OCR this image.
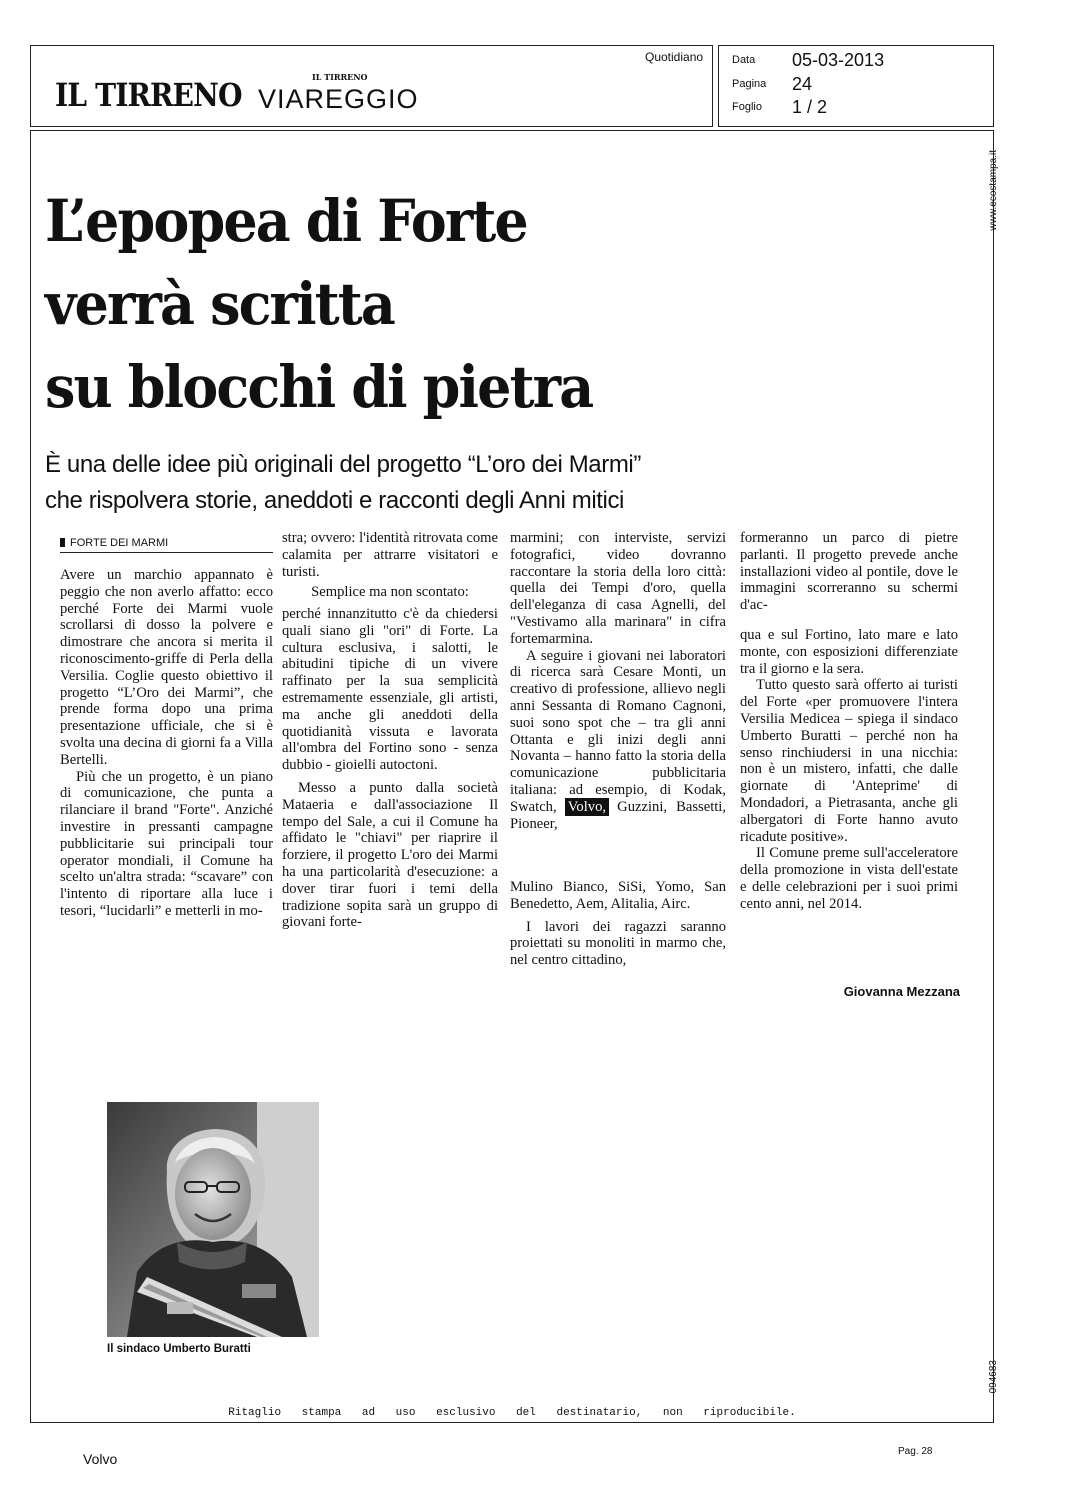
IL TIRRENO	IL TIRRENO
VIAREGGIO
Quotidiano	Data 05-03-2013
Pagina 24
Foglio 1 / 2
www.ecostampa.it
094683
L’epopea di Forte
verrà scritta
su blocchi di pietra
È una delle idee più originali del progetto “L’oro dei Marmi”
che rispolvera storie, aneddoti e racconti degli Anni mitici
FORTE DEI MARMI

Avere un marchio appannato è peggio che non averlo affatto: ecco perché Forte dei Marmi vuole scrollarsi di dosso la polvere e dimostrare che ancora si merita il riconoscimento-griffe di Perla della Versilia. Coglie questo obiettivo il progetto “L’Oro dei Marmi”, che prende forma dopo una prima presentazione ufficiale, che si è svolta una decina di giorni fa a Villa Bertelli.

Più che un progetto, è un piano di comunicazione, che punta a rilanciare il brand "Forte". Anziché investire in pressanti campagne pubblicitarie sui principali tour operator mondiali, il Comune ha scelto un'altra strada: “scavare” con l'intento di riportare alla luce i tesori, “lucidarli” e metterli in mo-

stra; ovvero: l'identità ritrovata come calamita per attrarre visitatori e turisti.

Semplice ma non scontato:

perché innanzitutto c'è da chiedersi quali siano gli "ori" di Forte. La cultura esclusiva, i salotti, le abitudini tipiche di un vivere raffinato per la sua semplicità estremamente essenziale, gli artisti, ma anche gli aneddoti della quotidianità vissuta e lavorata all'ombra del Fortino sono - senza dubbio - gioielli autoctoni.

Messo a punto dalla società Mataeria e dall'associazione Il tempo del Sale, a cui il Comune ha affidato le "chiavi" per riaprire il forziere, il progetto L'oro dei Marmi ha una particolarità d'esecuzione: a dover tirar fuori i temi della tradizione sopita sarà un gruppo di giovani forte-

marmini; con interviste, servizi fotografici, video dovranno raccontare la storia della loro città: quella dei Tempi d'oro, quella dell'eleganza di casa Agnelli, del "Vestivamo alla marinara" in cifra fortemarmina.

A seguire i giovani nei laboratori di ricerca sarà Cesare Monti, un creativo di professione, allievo negli anni Sessanta di Romano Cagnoni, suoi sono spot che – tra gli anni Ottanta e gli inizi degli anni Novanta – hanno fatto la storia della comunicazione pubblicitaria italiana: ad esempio, di Kodak, Swatch, Volvo, Guzzini, Bassetti, Pioneer,

Mulino Bianco, SiSi, Yomo, San Benedetto, Aem, Alitalia, Airc.

I lavori dei ragazzi saranno proiettati su monoliti in marmo che, nel centro cittadino,

formeranno un parco di pietre parlanti. Il progetto prevede anche installazioni video al pontile, dove le immagini scorreranno su schermi d'ac-

qua e sul Fortino, lato mare e lato monte, con esposizioni differenziate tra il giorno e la sera.

Tutto questo sarà offerto ai turisti del Forte «per promuovere l'intera Versilia Medicea – spiega il sindaco Umberto Buratti – perché non ha senso rinchiudersi in una nicchia: non è un mistero, infatti, che dalle giornate di 'Anteprime' di Mondadori, a Pietrasanta, anche gli albergatori di Forte hanno avuto ricadute positive».

Il Comune preme sull'acceleratore della promozione in vista dell'estate e delle celebrazioni per i suoi primi cento anni, nel 2014.

Giovanna Mezzana
Il sindaco Umberto Buratti
Ritaglio stampa ad uso esclusivo del destinatario, non riproducibile.
Volvo	Pag. 28
